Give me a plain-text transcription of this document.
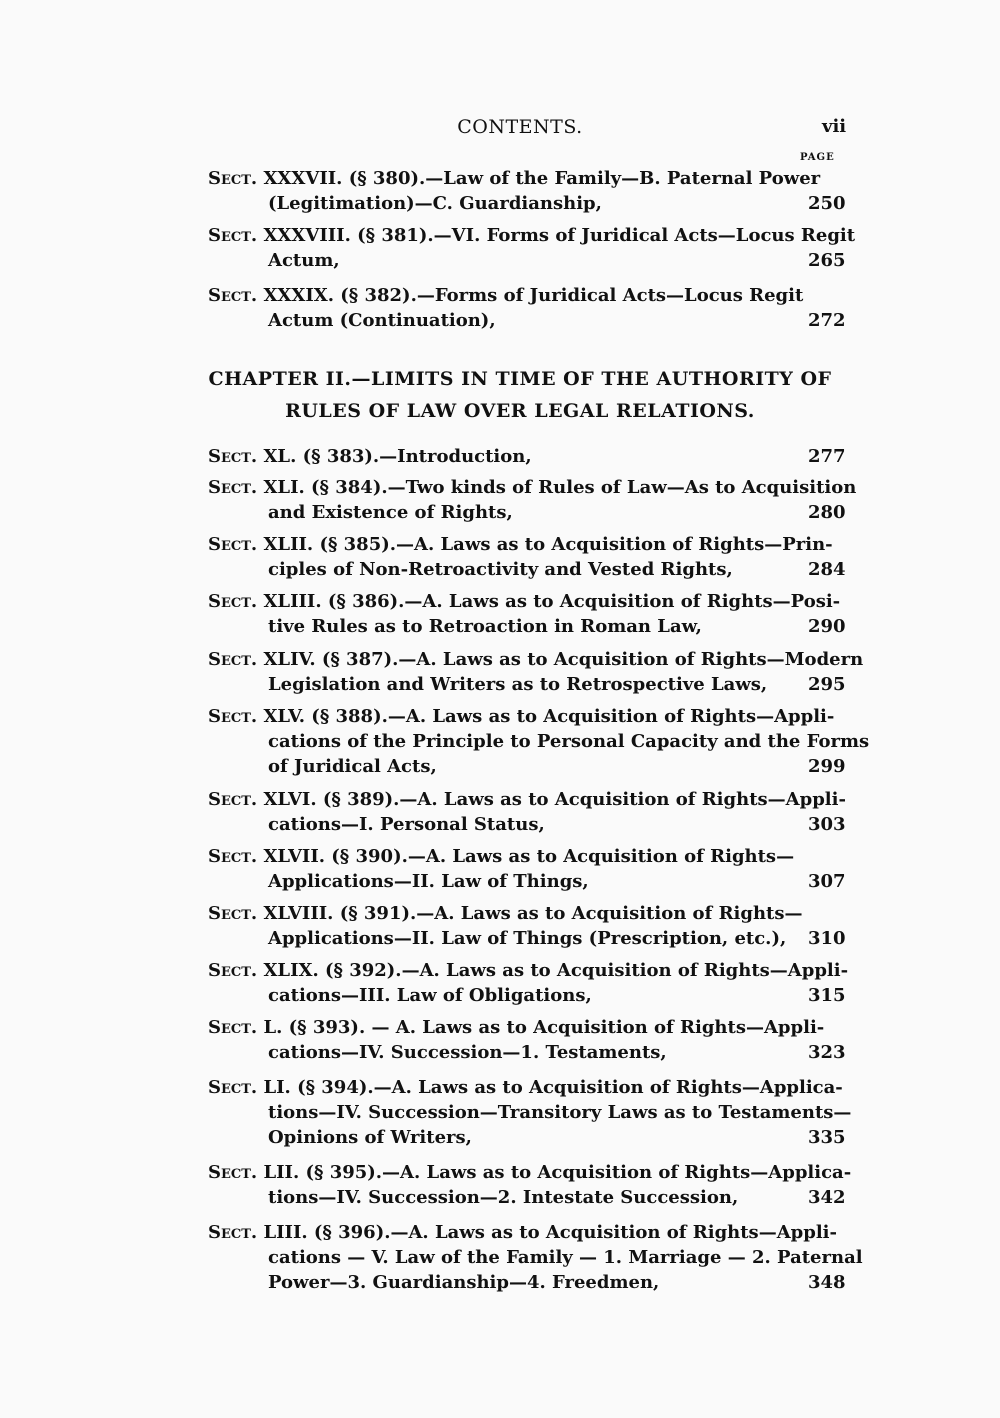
CONTENTS.	vii
PAGE
Sect. XXXVII. (§ 380).—Law of the Family—B. Paternal Power
(Legitimation)—C. Guardianship,	250
Sect. XXXVIII. (§ 381).—VI. Forms of Juridical Acts—Locus Regit
Actum,	265
Sect. XXXIX. (§ 382).—Forms of Juridical Acts—Locus Regit
Actum (Continuation),	272
CHAPTER II.—LIMITS IN TIME OF THE AUTHORITY OF
RULES OF LAW OVER LEGAL RELATIONS.
Sect. XL. (§ 383).—Introduction,	277
Sect. XLI. (§ 384).—Two kinds of Rules of Law—As to Acquisition
and Existence of Rights,	280
Sect. XLII. (§ 385).—A. Laws as to Acquisition of Rights—Prin-
ciples of Non-Retroactivity and Vested Rights,	284
Sect. XLIII. (§ 386).—A. Laws as to Acquisition of Rights—Posi-
tive Rules as to Retroaction in Roman Law,	290
Sect. XLIV. (§ 387).—A. Laws as to Acquisition of Rights—Modern
Legislation and Writers as to Retrospective Laws, 295
Sect. XLV. (§ 388).—A. Laws as to Acquisition of Rights—Appli-
cations of the Principle to Personal Capacity and the Forms
of Juridical Acts,	299
Sect. XLVI. (§ 389).—A. Laws as to Acquisition of Rights—Appli-
cations—I. Personal Status,	303
Sect. XLVII. (§ 390).—A. Laws as to Acquisition of Rights—
Applications—II. Law of Things,	307
Sect. XLVIII. (§ 391).—A. Laws as to Acquisition of Rights—
Applications—II. Law of Things (Prescription, etc.), 310
Sect. XLIX. (§ 392).—A. Laws as to Acquisition of Rights—Appli-
cations—III. Law of Obligations,	315
Sect. L. (§ 393). — A. Laws as to Acquisition of Rights—Appli-
cations—IV. Succession—1. Testaments,	323
Sect. LI. (§ 394).—A. Laws as to Acquisition of Rights—Applica-
tions—IV. Succession—Transitory Laws as to Testaments—
Opinions of Writers,	335
Sect. LII. (§ 395).—A. Laws as to Acquisition of Rights—Applica-
tions—IV. Succession—2. Intestate Succession,	342
Sect. LIII. (§ 396).—A. Laws as to Acquisition of Rights—Appli-
cations — V. Law of the Family — 1. Marriage — 2. Paternal
Power—3. Guardianship—4. Freedmen,	348
